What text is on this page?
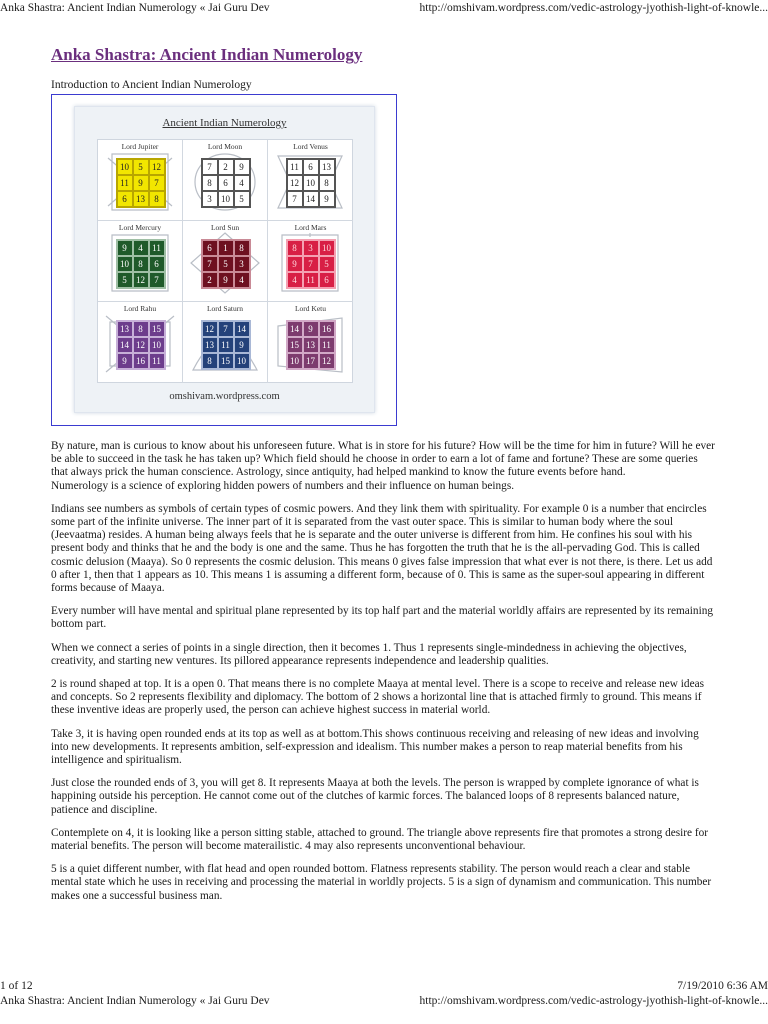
Anka Shastra: Ancient Indian Numerology « Jai Guru Dev	http://omshivam.wordpress.com/vedic-astrology-jyothish-light-of-knowle...
Anka Shastra: Ancient Indian Numerology
Introduction to Ancient Indian Numerology
Ancient Indian Numerology
Lord Jupiter
10	5	12
11	9	7
6	13	8
Lord Moon
7	2	9
8	6	4
3	10	5
Lord Venus
11	6	13
12 10	8
7	14	9
Lord Mercury
9	4	11
10	8	6
5	12	7
Lord Sun
6	1	8
7	5	3
2	9	4
Lord Mars
8	3	10
9	7	5
4	11	6
Lord Rahu
13	8	15
14 12 10
9	16 11
Lord Saturn
12	7	14
13 11	9
8	15 10
Lord Ketu
14	9	16
15 13 11
10 17 12
omshivam.wordpress.com

By nature, man is curious to know about his unforeseen future. What is in store for his future? How will be the time for him in future? Will he ever be able to succeed in the task he has taken up? Which field should he choose in order to earn a lot of fame and fortune? These are some queries that always prick the human conscience. Astrology, since antiquity, had helped mankind to know the future events before hand.

Numerology is a science of exploring hidden powers of numbers and their influence on human beings.

Indians see numbers as symbols of certain types of cosmic powers. And they link them with spirituality. For example 0 is a number that encircles some part of the infinite universe. The inner part of it is separated from the vast outer space. This is similar to human body where the soul (Jeevaatma) resides. A human being always feels that he is separate and the outer universe is different from him. He confines his soul with his present body and thinks that he and the body is one and the same. Thus he has forgotten the truth that he is the all-pervading God. This is called cosmic delusion (Maaya). So 0 represents the cosmic delusion. This means 0 gives false impression that what ever is not there, is there. Let us add 0 after 1, then that 1 appears as 10. This means 1 is assuming a different form, because of 0. This is same as the super-soul appearing in different forms because of Maaya.

Every number will have mental and spiritual plane represented by its top half part and the material worldly affairs are represented by its remaining bottom part.

When we connect a series of points in a single direction, then it becomes 1. Thus 1 represents single-mindedness in achieving the objectives, creativity, and starting new ventures. Its pillored appearance represents independence and leadership qualities.

2 is round shaped at top. It is a open 0. That means there is no complete Maaya at mental level. There is a scope to receive and release new ideas and concepts. So 2 represents flexibility and diplomacy. The bottom of 2 shows a horizontal line that is attached firmly to ground. This means if these inventive ideas are properly used, the person can achieve highest success in material world.

Take 3, it is having open rounded ends at its top as well as at bottom.This shows continuous receiving and releasing of new ideas and involving into new developments. It represents ambition, self-expression and idealism. This number makes a person to reap material benefits from his intelligence and spiritualism.

Just close the rounded ends of 3, you will get 8. It represents Maaya at both the levels. The person is wrapped by complete ignorance of what is happining outside his perception. He cannot come out of the clutches of karmic forces. The balanced loops of 8 represents balanced nature, patience and discipline.

Contemplete on 4, it is looking like a person sitting stable, attached to ground. The triangle above represents fire that promotes a strong desire for material benefits. The person will become materailistic. 4 may also represents unconventional behaviour.

5 is a quiet different number, with flat head and open rounded bottom. Flatness represents stability. The person would reach a clear and stable mental state which he uses in receiving and processing the material in worldly projects. 5 is a sign of dynamism and communication. This number makes one a successful business man.

1 of 12	7/19/2010 6:36 AM
Anka Shastra: Ancient Indian Numerology « Jai Guru Dev	http://omshivam.wordpress.com/vedic-astrology-jyothish-light-of-knowle...
